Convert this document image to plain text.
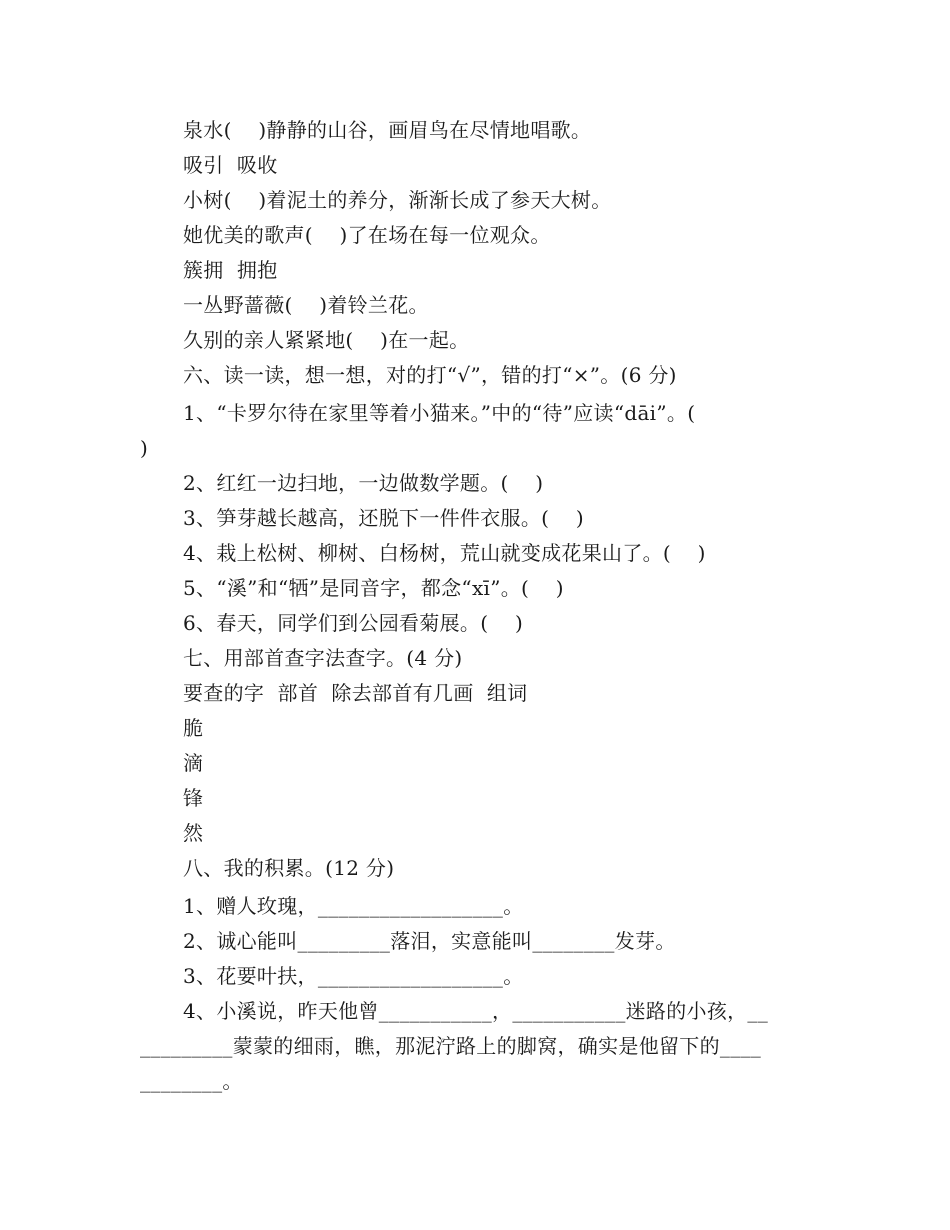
泉水(    )静静的山谷，画眉鸟在尽情地唱歌。
吸引  吸收
小树(    )着泥土的养分，渐渐长成了参天大树。
她优美的歌声(    )了在场在每一位观众。
簇拥  拥抱
一丛野蔷薇(    )着铃兰花。
久别的亲人紧紧地(    )在一起。
六、读一读，想一想，对的打“√”，错的打“×”。(6 分)
1、“卡罗尔待在家里等着小猫来。”中的“待”应读“dāi”。(
)
2、红红一边扫地，一边做数学题。(    )
3、笋芽越长越高，还脱下一件件衣服。(    )
4、栽上松树、柳树、白杨树，荒山就变成花果山了。(    )
5、“溪”和“牺”是同音字，都念“xī”。(    )
6、春天，同学们到公园看菊展。(    )
七、用部首查字法查字。(4 分)
要查的字  部首  除去部首有几画  组词
脆
滴
锋
然
八、我的积累。(12 分)
1、赠人玫瑰，__________________。
2、诚心能叫_________落泪，实意能叫________发芽。
3、花要叶扶，__________________。
4、小溪说，昨天他曾___________，___________迷路的小孩，__
_________蒙蒙的细雨，瞧，那泥泞路上的脚窝，确实是他留下的____
________。
